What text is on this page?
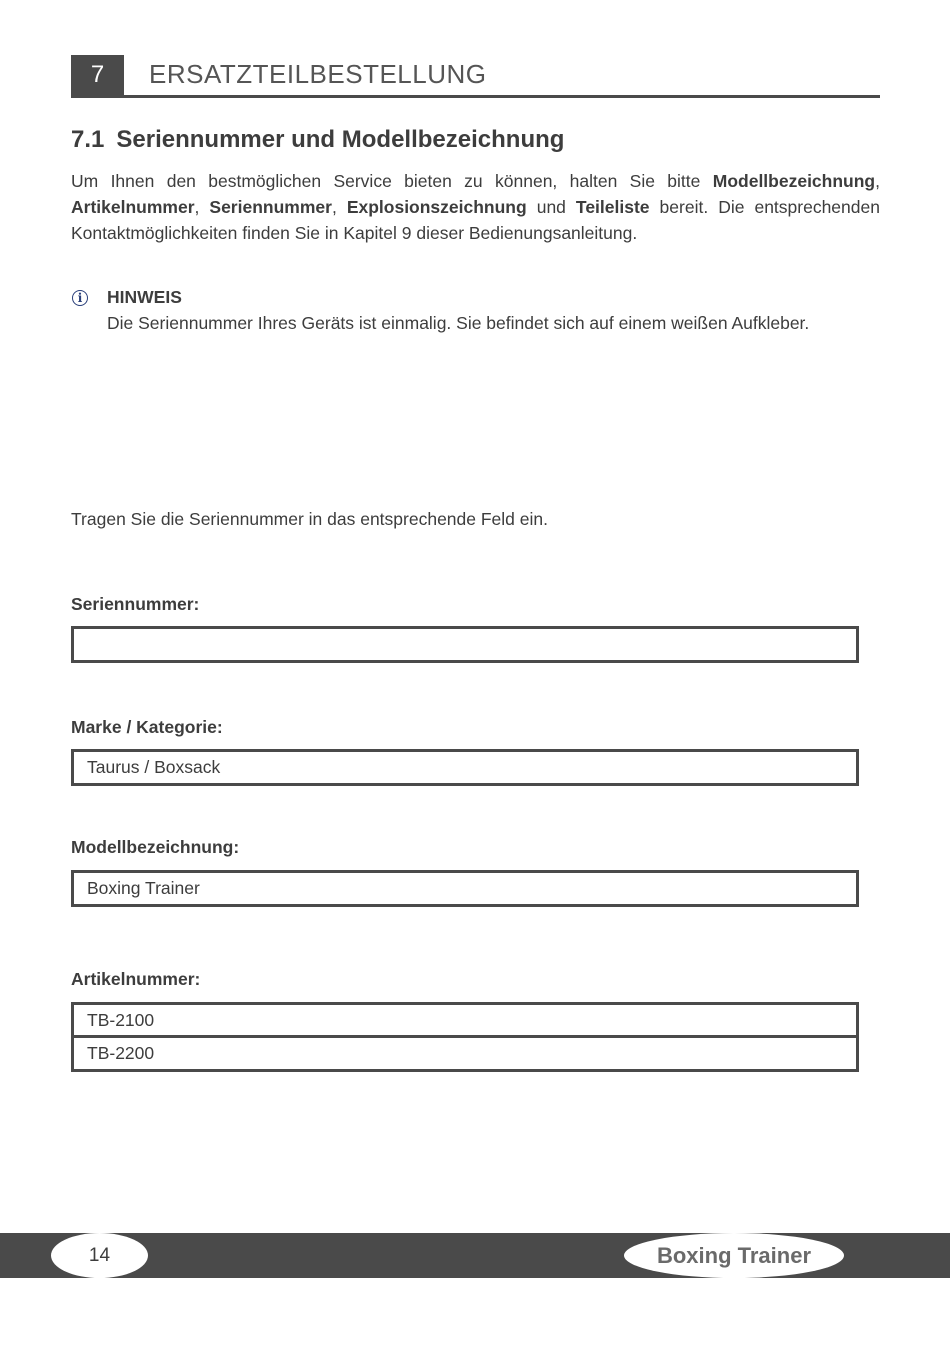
7	ERSATZTEILBESTELLUNG
7.1 Seriennummer und Modellbezeichnung

Um Ihnen den bestmöglichen Service bieten zu können, halten Sie bitte Modellbezeichnung, Artikelnummer, Seriennummer, Explosionszeichnung und Teileliste bereit. Die entsprechenden Kontaktmöglichkeiten finden Sie in Kapitel 9 dieser Bedienungsanleitung.

i	HINWEIS
Die Seriennummer Ihres Geräts ist einmalig. Sie befindet sich auf einem weißen Aufkleber.
Tragen Sie die Seriennummer in das entsprechende Feld ein.
Seriennummer:
Marke / Kategorie:
Taurus / Boxsack
Modellbezeichnung:
Boxing Trainer
Artikelnummer:
TB-2100
TB-2200
14	Boxing Trainer
